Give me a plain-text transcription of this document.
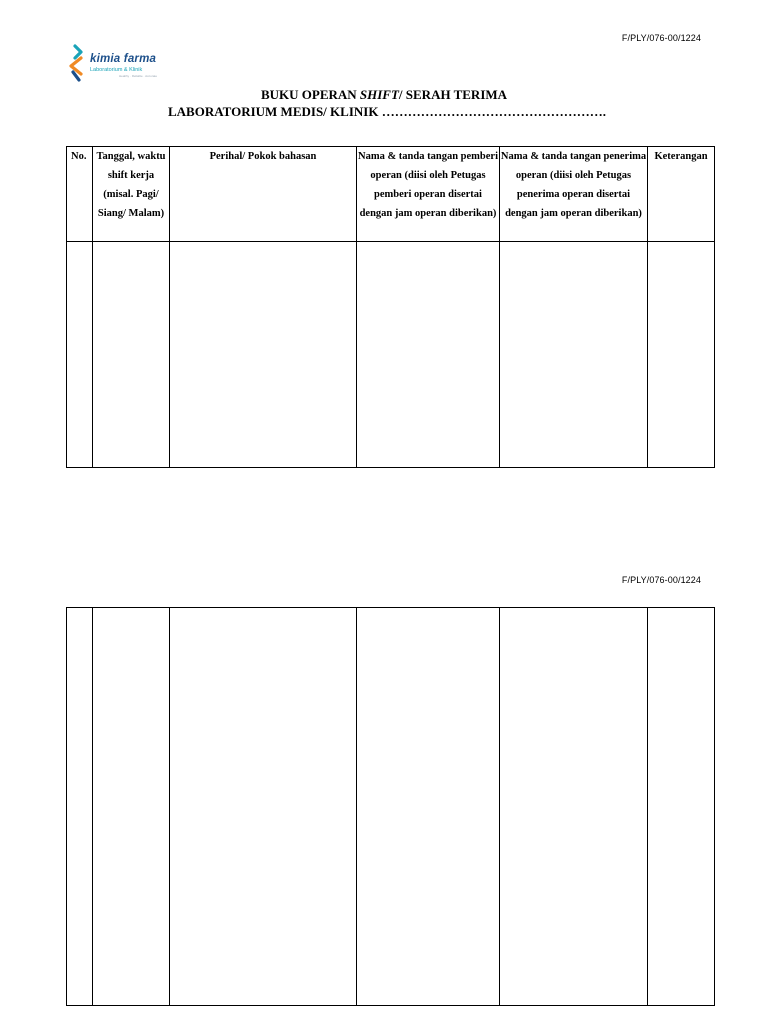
F/PLY/076-00/1224
kimia farma
Laboratorium & Klinik
Healthy · Reliable · Accurate
BUKU OPERAN SHIFT/ SERAH TERIMA
LABORATORIUM MEDIS/ KLINIK …………………………………………….
No.	Tanggal, waktu shift kerja (misal. Pagi/ Siang/ Malam)	Perihal/ Pokok bahasan	Nama & tanda tangan pemberi operan (diisi oleh Petugas pemberi operan disertai dengan jam operan diberikan)	Nama & tanda tangan penerima operan (diisi oleh Petugas penerima operan disertai dengan jam operan diberikan)	Keterangan

F/PLY/076-00/1224
